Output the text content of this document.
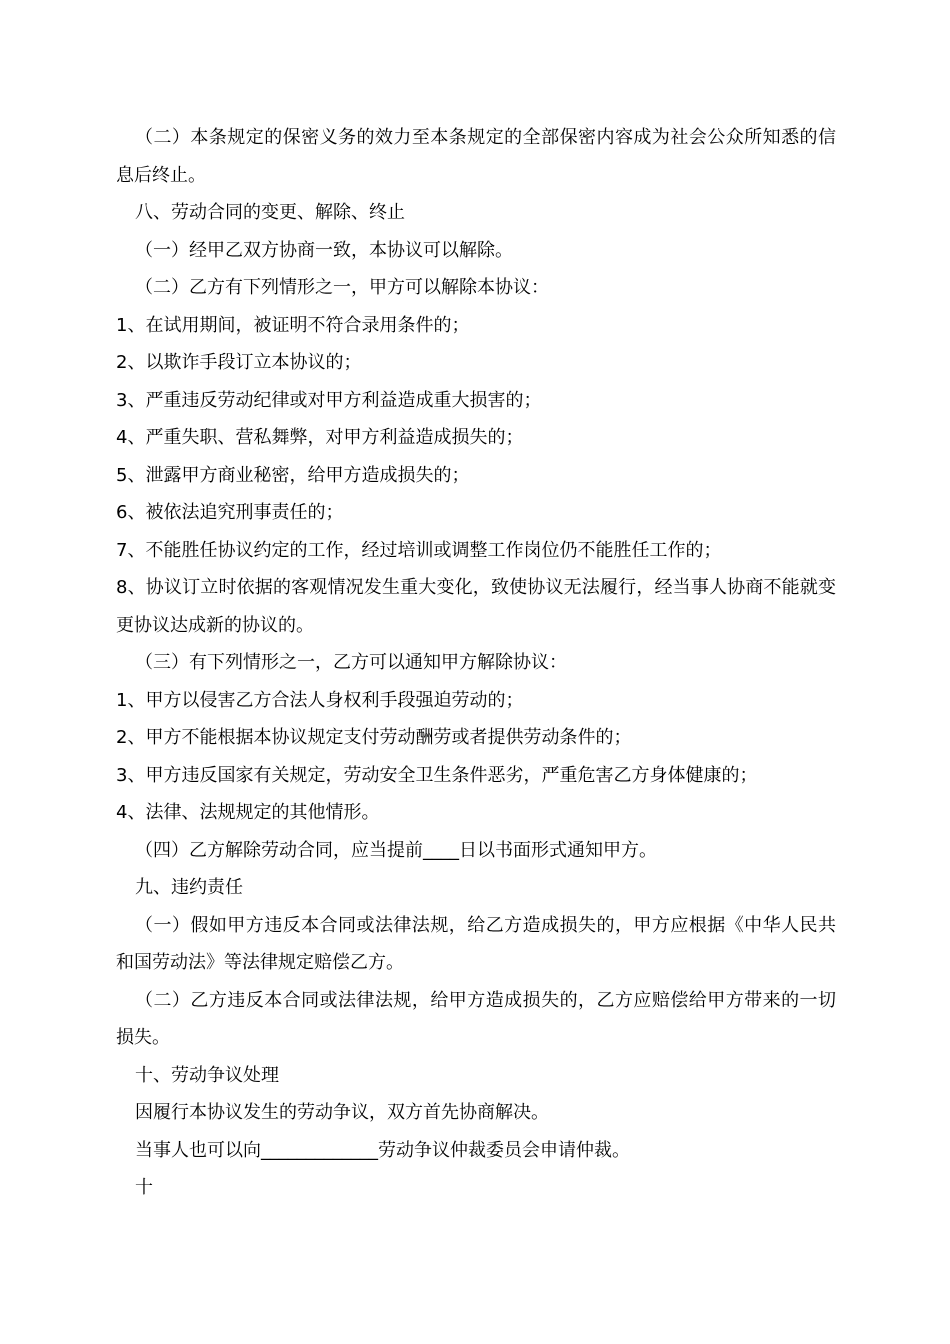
（二）本条规定的保密义务的效力至本条规定的全部保密内容成为社会公众所知悉的信息后终止。

八、劳动合同的变更、解除、终止

（一）经甲乙双方协商一致，本协议可以解除。

（二）乙方有下列情形之一，甲方可以解除本协议：

1、在试用期间，被证明不符合录用条件的；

2、以欺诈手段订立本协议的；

3、严重违反劳动纪律或对甲方利益造成重大损害的；

4、严重失职、营私舞弊，对甲方利益造成损失的；

5、泄露甲方商业秘密，给甲方造成损失的；

6、被依法追究刑事责任的；

7、不能胜任协议约定的工作，经过培训或调整工作岗位仍不能胜任工作的；

8、协议订立时依据的客观情况发生重大变化，致使协议无法履行，经当事人协商不能就变更协议达成新的协议的。

（三）有下列情形之一，乙方可以通知甲方解除协议：

1、甲方以侵害乙方合法人身权利手段强迫劳动的；

2、甲方不能根据本协议规定支付劳动酬劳或者提供劳动条件的；

3、甲方违反国家有关规定，劳动安全卫生条件恶劣，严重危害乙方身体健康的；

4、法律、法规规定的其他情形。

（四）乙方解除劳动合同，应当提前____日以书面形式通知甲方。

九、违约责任

（一）假如甲方违反本合同或法律法规，给乙方造成损失的，甲方应根据《中华人民共和国劳动法》等法律规定赔偿乙方。

（二）乙方违反本合同或法律法规，给甲方造成损失的，乙方应赔偿给甲方带来的一切损失。

十、劳动争议处理

因履行本协议发生的劳动争议，双方首先协商解决。

当事人也可以向_____________劳动争议仲裁委员会申请仲裁。

十
